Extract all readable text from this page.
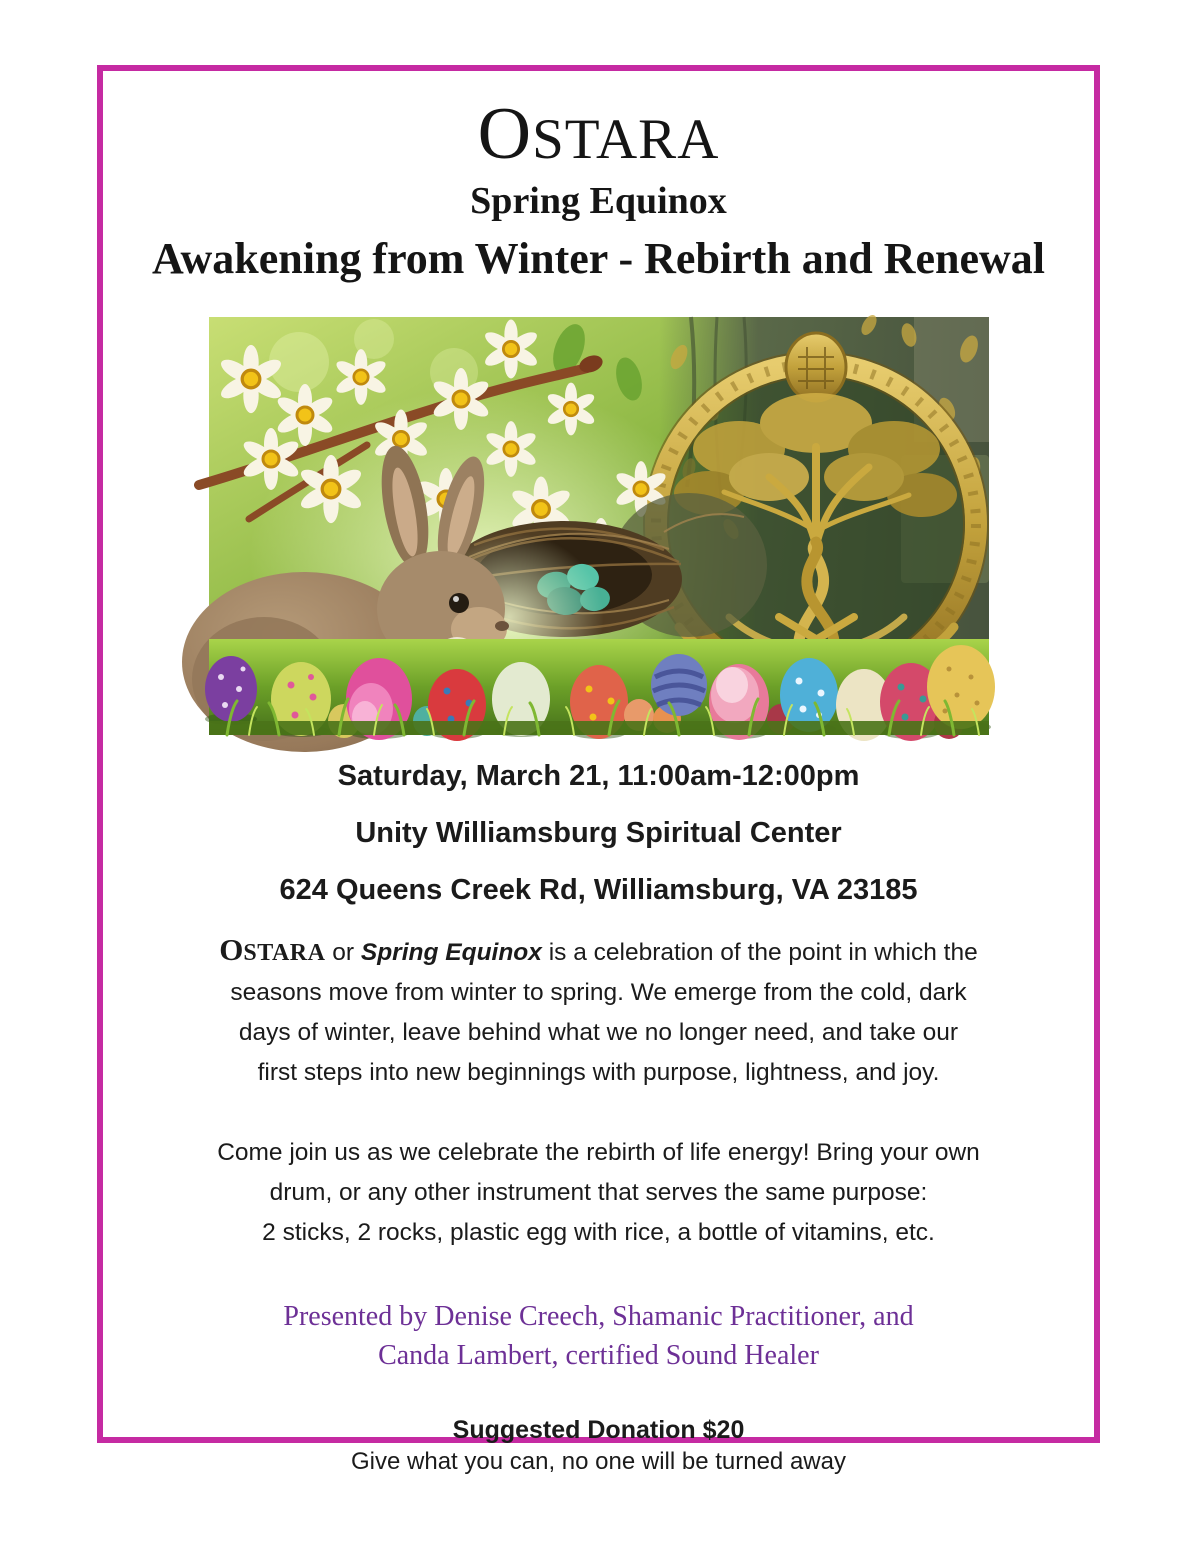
OSTARA
Spring Equinox
Awakening from Winter - Rebirth and Renewal

Saturday, March 21, 11:00am-12:00pm

Unity Williamsburg Spiritual Center

624 Queens Creek Rd, Williamsburg, VA 23185

OSTARA or Spring Equinox is a celebration of the point in which the
seasons move from winter to spring. We emerge from the cold, dark
days of winter, leave behind what we no longer need, and take our
first steps into new beginnings with purpose, lightness, and joy.
Come join us as we celebrate the rebirth of life energy! Bring your own
drum, or any other instrument that serves the same purpose:
2 sticks, 2 rocks, plastic egg with rice, a bottle of vitamins, etc.
Presented by Denise Creech, Shamanic Practitioner, and
Canda Lambert, certified Sound Healer
Suggested Donation $20
Give what you can, no one will be turned away
